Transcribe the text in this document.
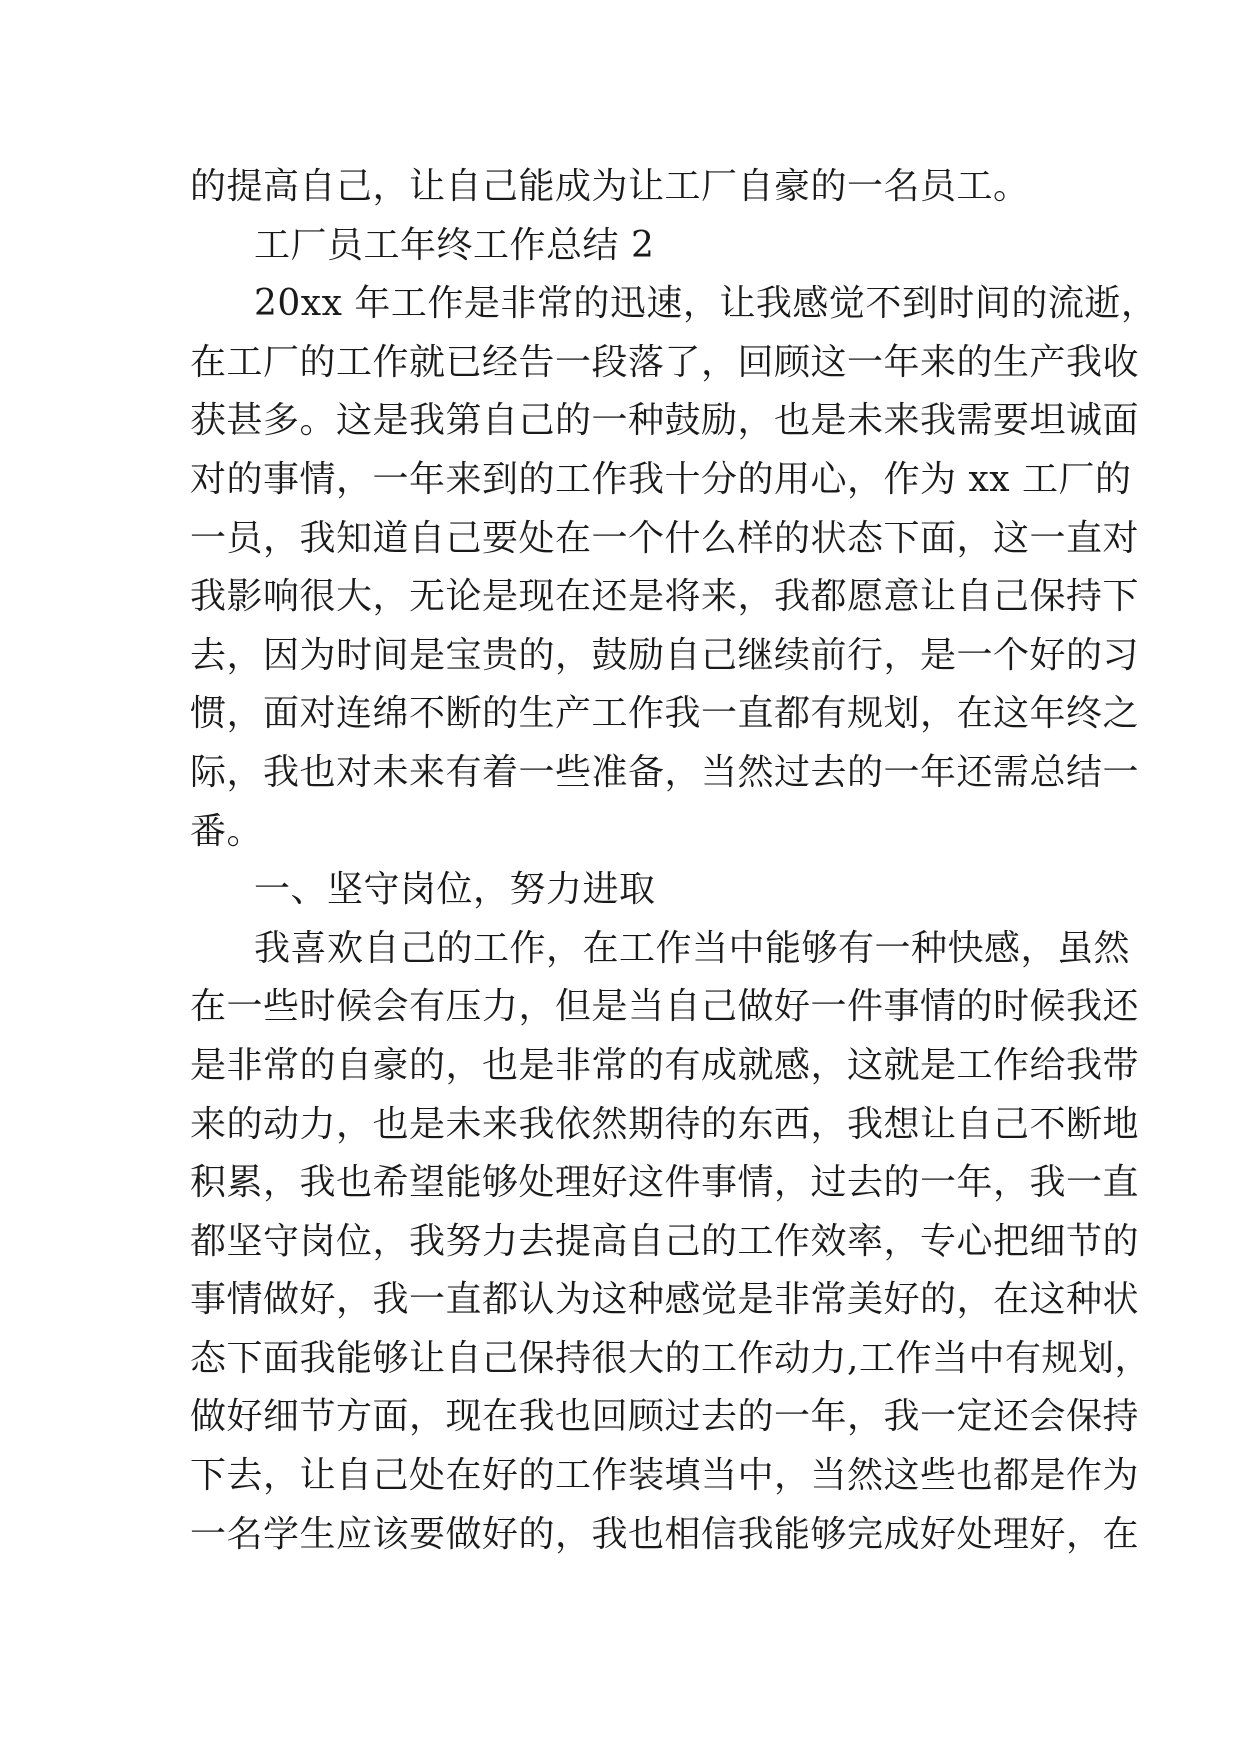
的提高自己，让自己能成为让工厂自豪的一名员工。
工厂员工年终工作总结 2
20xx 年工作是非常的迅速，让我感觉不到时间的流逝，
在工厂的工作就已经告一段落了，回顾这一年来的生产我收
获甚多。这是我第自己的一种鼓励，也是未来我需要坦诚面
对的事情，一年来到的工作我十分的用心，作为 xx 工厂的
一员，我知道自己要处在一个什么样的状态下面，这一直对
我影响很大，无论是现在还是将来，我都愿意让自己保持下
去，因为时间是宝贵的，鼓励自己继续前行，是一个好的习
惯，面对连绵不断的生产工作我一直都有规划，在这年终之
际，我也对未来有着一些准备，当然过去的一年还需总结一
番。
一、坚守岗位，努力进取
我喜欢自己的工作，在工作当中能够有一种快感，虽然
在一些时候会有压力，但是当自己做好一件事情的时候我还
是非常的自豪的，也是非常的有成就感，这就是工作给我带
来的动力，也是未来我依然期待的东西，我想让自己不断地
积累，我也希望能够处理好这件事情，过去的一年，我一直
都坚守岗位，我努力去提高自己的工作效率，专心把细节的
事情做好，我一直都认为这种感觉是非常美好的，在这种状
态下面我能够让自己保持很大的工作动力,工作当中有规划，
做好细节方面，现在我也回顾过去的一年，我一定还会保持
下去，让自己处在好的工作装填当中，当然这些也都是作为
一名学生应该要做好的，我也相信我能够完成好处理好，在
